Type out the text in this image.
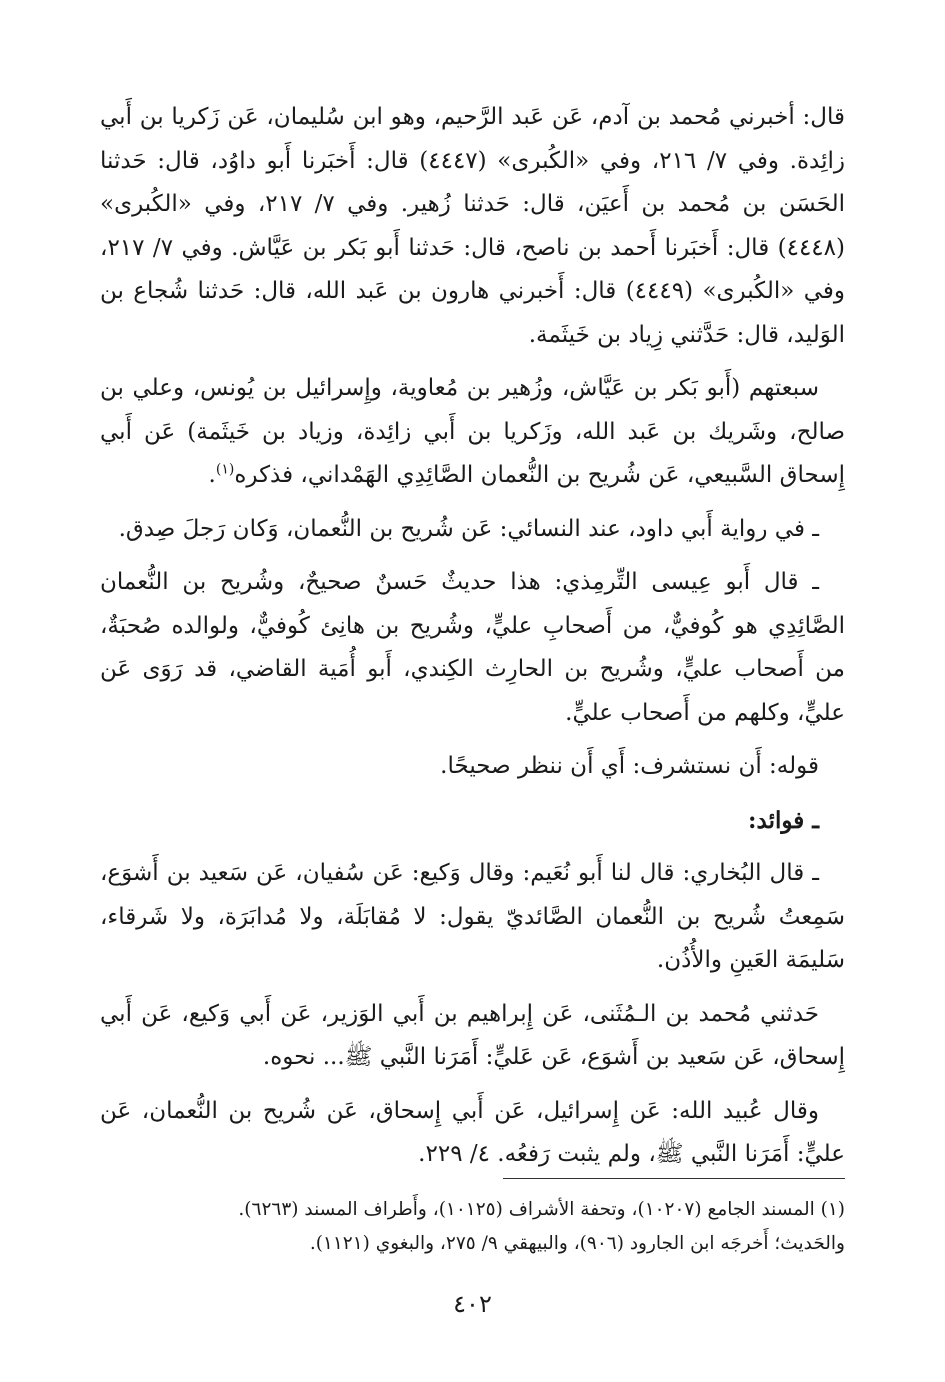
قال: أخبرني مُحمد بن آدم، عَن عَبد الرَّحيم، وهو ابن سُليمان، عَن زَكريا بن أَبي زائِدة. وفي ٧/ ٢١٦، وفي «الكُبرى» (٤٤٤٧) قال: أَخبَرنا أَبو داوُد، قال: حَدثنا الحَسَن بن مُحمد بن أَعيَن، قال: حَدثنا زُهير. وفي ٧/ ٢١٧، وفي «الكُبرى» (٤٤٤٨) قال: أَخبَرنا أَحمد بن ناصح، قال: حَدثنا أَبو بَكر بن عَيَّاش. وفي ٧/ ٢١٧، وفي «الكُبرى» (٤٤٤٩) قال: أَخبرني هارون بن عَبد الله، قال: حَدثنا شُجاع بن الوَليد، قال: حَدَّثني زِياد بن خَيثَمة.

سبعتهم (أَبو بَكر بن عَيَّاش، وزُهير بن مُعاوية، وإِسرائيل بن يُونس، وعلي بن صالح، وشَريك بن عَبد الله، وزَكريا بن أَبي زائِدة، وزياد بن خَيثَمة) عَن أَبي إِسحاق السَّبيعي، عَن شُريح بن النُّعمان الصَّائِدِي الهَمْداني، فذكره$^{(١)}$.

ـ في رواية أَبي داود، عند النسائي: عَن شُريح بن النُّعمان، وَكان رَجلَ صِدق.

ـ قال أَبو عِيسى التِّرمِذي: هذا حديثٌ حَسنٌ صحيحٌ، وشُريح بن النُّعمان الصَّائِدِي هو كُوفيٌّ، من أَصحابِ عليٍّ، وشُريح بن هانِئ كُوفيٌّ، ولوالده صُحبَةٌ، من أَصحاب عليٍّ، وشُريح بن الحارِث الكِندي، أَبو أُمَية القاضي، قد رَوَى عَن عليٍّ، وكلهم من أَصحاب عليٍّ.

قوله: أَن نستشرف: أَي أَن ننظر صحيحًا.

ـ فوائد:

ـ قال البُخاري: قال لنا أَبو نُعَيم: وقال وَكيع: عَن سُفيان، عَن سَعيد بن أَشوَع، سَمِعتُ شُريح بن النُّعمان الصَّائديّ يقول: لا مُقابَلَة، ولا مُدابَرَة، ولا شَرقاء، سَليمَة العَينِ والأُذُن.

حَدثني مُحمد بن الـمُثَنى، عَن إِبراهيم بن أَبي الوَزير، عَن أَبي وَكيع، عَن أَبي إِسحاق، عَن سَعيد بن أَشوَع، عَن عَليٍّ: أَمَرَنا النَّبي ﷺ... نحوه.

وقال عُبيد الله: عَن إِسرائيل، عَن أَبي إِسحاق، عَن شُريح بن النُّعمان، عَن عليٍّ: أَمَرَنا النَّبي ﷺ، ولم يثبت رَفعُه. ٤/ ٢٢٩.

(١) المسند الجامع (١٠٢٠٧)، وتحفة الأشراف (١٠١٢٥)، وأَطراف المسند (٦٢٦٣).

والحَديث؛ أَخرجَه ابن الجارود (٩٠٦)، والبيهقي ٩/ ٢٧٥، والبغوي (١١٢١).

٤٠٢
